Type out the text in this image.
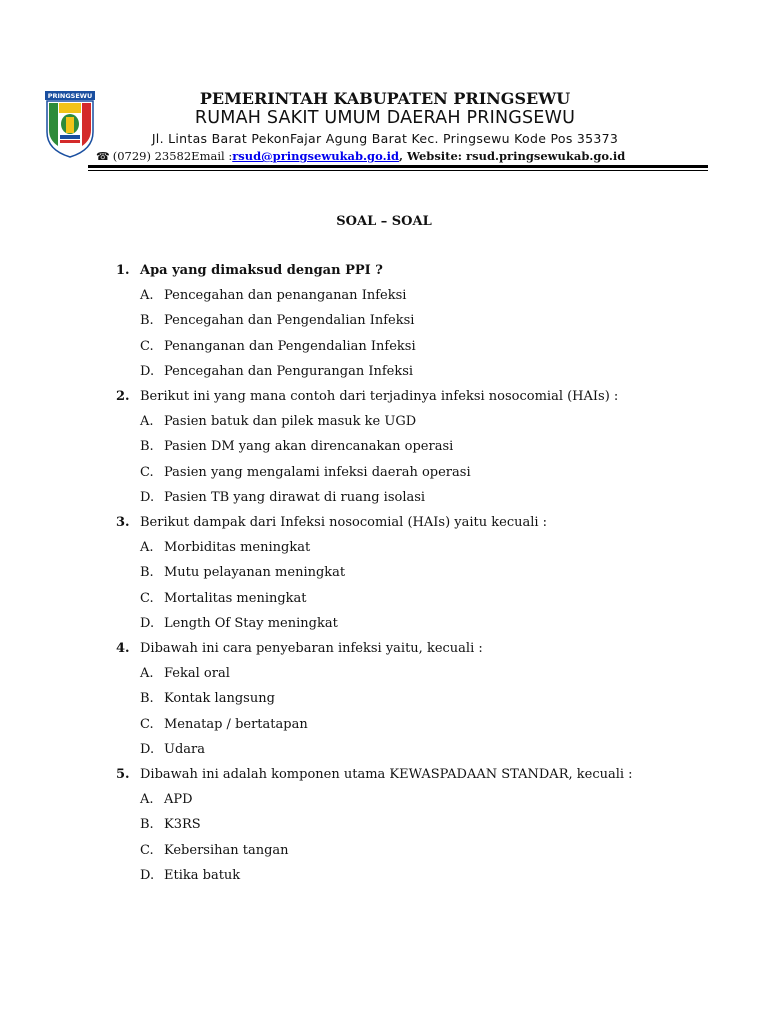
PRINGSEWU	PEMERINTAH KABUPATEN PRINGSEWU
RUMAH SAKIT UMUM DAERAH PRINGSEWU
Jl. Lintas Barat PekonFajar Agung Barat Kec. Pringsewu Kode Pos 35373
☎ (0729) 23582Email :rsud@pringsewukab.go.id, Website: rsud.pringsewukab.go.id
SOAL – SOAL
1. Apa yang dimaksud dengan PPI ?
A. Pencegahan dan penanganan Infeksi
B. Pencegahan dan Pengendalian Infeksi
C. Penanganan dan Pengendalian Infeksi
D. Pencegahan dan Pengurangan Infeksi
2. Berikut ini yang mana contoh dari terjadinya infeksi nosocomial (HAIs) :
A. Pasien batuk dan pilek masuk ke UGD
B. Pasien DM yang akan direncanakan operasi
C. Pasien yang mengalami infeksi daerah operasi
D. Pasien TB yang dirawat di ruang isolasi
3. Berikut dampak dari Infeksi nosocomial (HAIs) yaitu kecuali :
A. Morbiditas meningkat
B. Mutu pelayanan meningkat
C. Mortalitas meningkat
D. Length Of Stay meningkat
4. Dibawah ini cara penyebaran infeksi yaitu, kecuali :
A. Fekal oral
B. Kontak langsung
C. Menatap / bertatapan
D. Udara
5. Dibawah ini adalah komponen utama KEWASPADAAN STANDAR, kecuali :
A. APD
B. K3RS
C. Kebersihan tangan
D. Etika batuk
